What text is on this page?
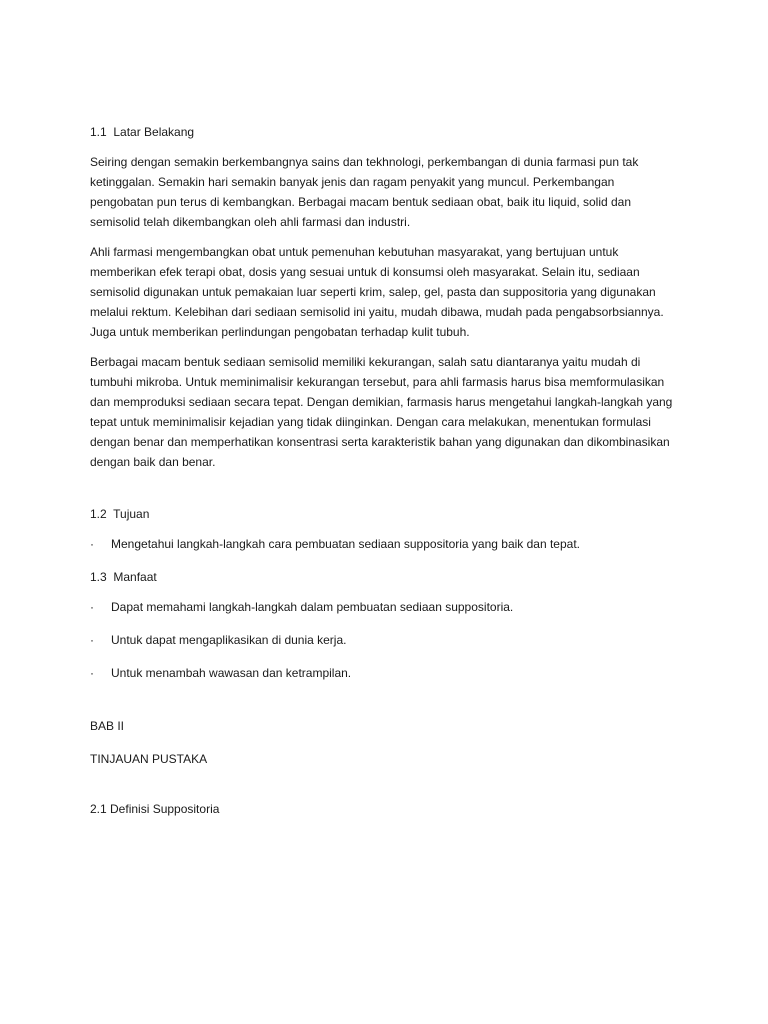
1.1  Latar Belakang

Seiring dengan semakin berkembangnya sains dan tekhnologi, perkembangan di dunia farmasi pun tak ketinggalan. Semakin hari semakin banyak jenis dan ragam penyakit yang muncul. Perkembangan pengobatan pun terus di kembangkan. Berbagai macam bentuk sediaan obat, baik itu liquid, solid dan semisolid telah dikembangkan oleh ahli farmasi dan industri.

Ahli farmasi mengembangkan obat untuk pemenuhan kebutuhan masyarakat, yang bertujuan untuk memberikan efek terapi obat, dosis yang sesuai untuk di konsumsi oleh masyarakat. Selain itu, sediaan semisolid digunakan untuk pemakaian luar seperti krim, salep, gel, pasta dan suppositoria yang digunakan melalui rektum. Kelebihan dari sediaan semisolid ini yaitu, mudah dibawa, mudah pada pengabsorbsiannya. Juga untuk memberikan perlindungan pengobatan terhadap kulit tubuh.

Berbagai macam bentuk sediaan semisolid memiliki kekurangan, salah satu diantaranya yaitu mudah di tumbuhi mikroba. Untuk meminimalisir kekurangan tersebut, para ahli farmasis harus bisa memformulasikan dan memproduksi sediaan secara tepat. Dengan demikian, farmasis harus mengetahui langkah-langkah yang tepat untuk meminimalisir kejadian yang tidak diinginkan. Dengan cara melakukan, menentukan formulasi dengan benar dan memperhatikan konsentrasi serta karakteristik bahan yang digunakan dan dikombinasikan dengan baik dan benar.

1.2  Tujuan
·	Mengetahui langkah-langkah cara pembuatan sediaan suppositoria yang baik dan tepat.
1.3  Manfaat
·	Dapat memahami langkah-langkah dalam pembuatan sediaan suppositoria.
·	Untuk dapat mengaplikasikan di dunia kerja.
·	Untuk menambah wawasan dan ketrampilan.
BAB II
TINJAUAN PUSTAKA
2.1 Definisi Suppositoria
